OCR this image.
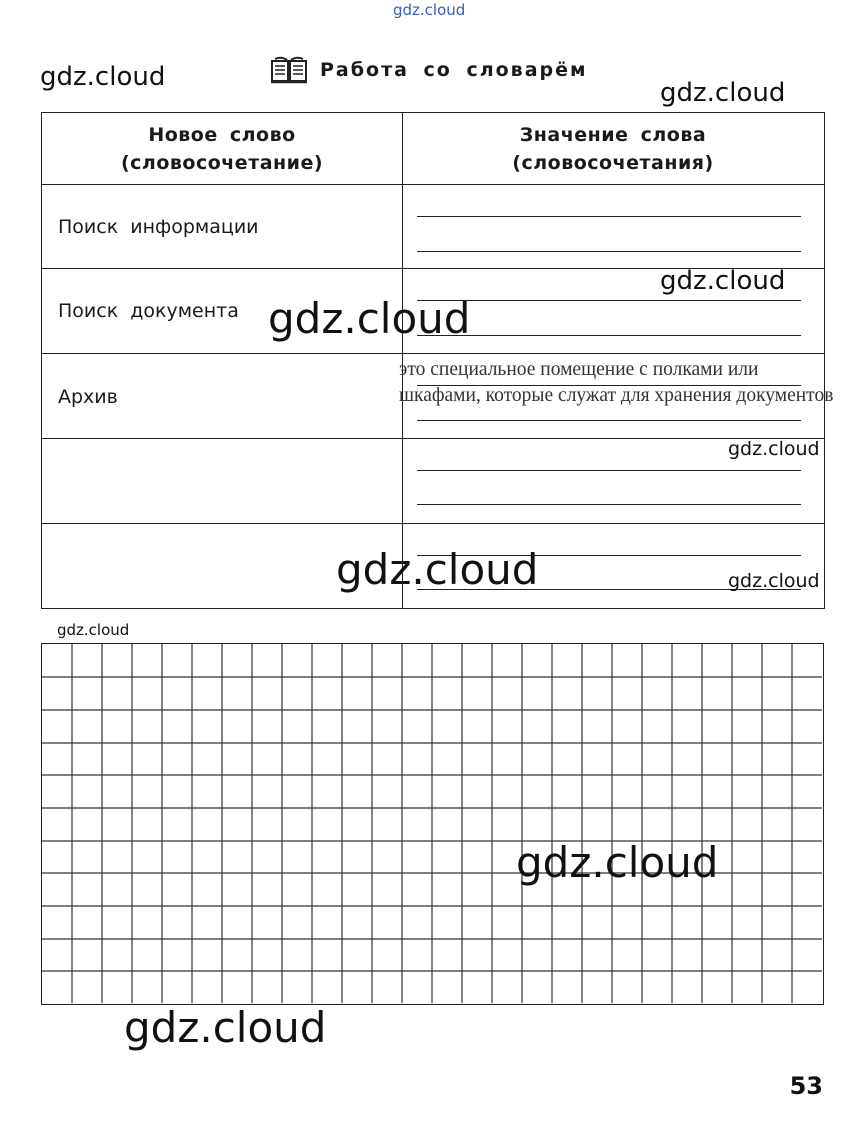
gdz.cloud
gdz.cloud
gdz.cloud
Работа со словарём
Новое слово
(словосочетание)
Значение слова
(словосочетания)
Поиск информации
Поиск документа
Архив
это специальное помещение с полками или шкафами, которые служат для хранения документов
gdz.cloud
gdz.cloud
gdz.cloud
gdz.cloud	gdz.cloud
gdz.cloud
gdz.cloud
gdz.cloud
53
